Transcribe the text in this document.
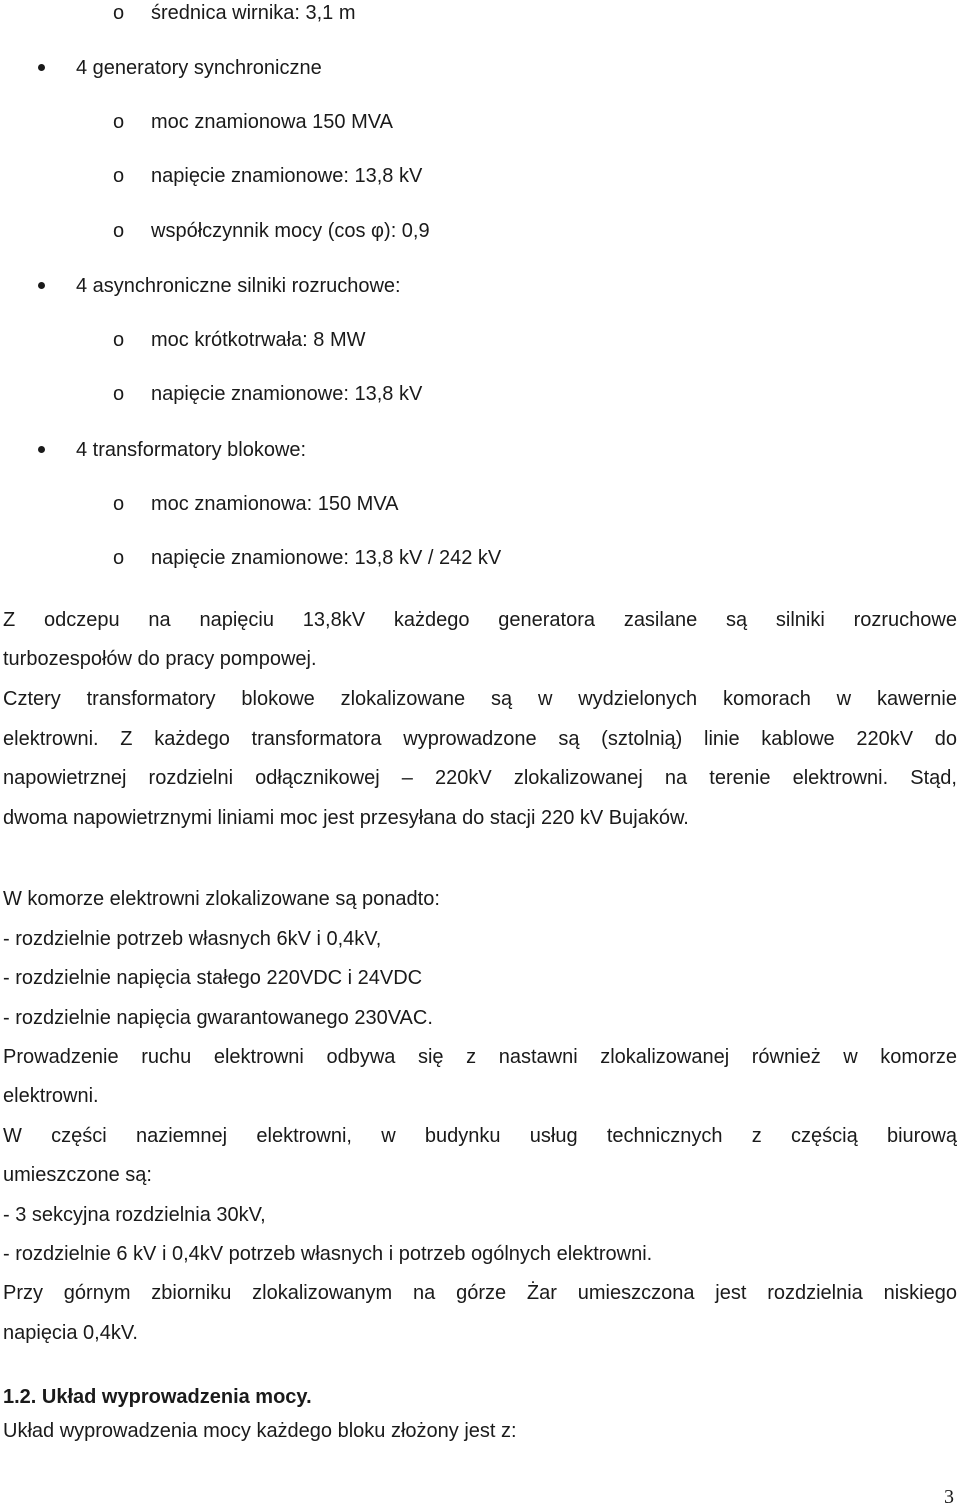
o średnica wirnika: 3,1 m
4 generatory synchroniczne
o moc znamionowa 150 MVA
o napięcie znamionowe: 13,8 kV
o współczynnik mocy (cos φ): 0,9
4 asynchroniczne silniki rozruchowe:
o moc krótkotrwała: 8 MW
o napięcie znamionowe: 13,8 kV
4 transformatory blokowe:
o moc znamionowa: 150 MVA
o napięcie znamionowe: 13,8 kV / 242 kV
Z odczepu na napięciu 13,8kV każdego generatora zasilane są silniki rozruchowe
turbozespołów do pracy pompowej.
Cztery transformatory blokowe zlokalizowane są w wydzielonych komorach w kawernie
elektrowni. Z każdego transformatora wyprowadzone są (sztolnią) linie kablowe 220kV do
napowietrznej rozdzielni odłącznikowej – 220kV zlokalizowanej na terenie elektrowni. Stąd,
dwoma napowietrznymi liniami moc jest przesyłana do stacji 220 kV Bujaków.
W komorze elektrowni zlokalizowane są ponadto:
- rozdzielnie potrzeb własnych 6kV i 0,4kV,
- rozdzielnie napięcia stałego 220VDC i 24VDC
- rozdzielnie napięcia gwarantowanego 230VAC.
Prowadzenie ruchu elektrowni odbywa się z nastawni zlokalizowanej również w komorze
elektrowni.
W części naziemnej elektrowni, w budynku usług technicznych z częścią biurową
umieszczone są:
- 3 sekcyjna rozdzielnia 30kV,
- rozdzielnie 6 kV i 0,4kV potrzeb własnych i potrzeb ogólnych elektrowni.
Przy górnym zbiorniku zlokalizowanym na górze Żar umieszczona jest rozdzielnia niskiego
napięcia 0,4kV.
1.2. Układ wyprowadzenia mocy.
Układ wyprowadzenia mocy każdego bloku złożony jest z:
3
